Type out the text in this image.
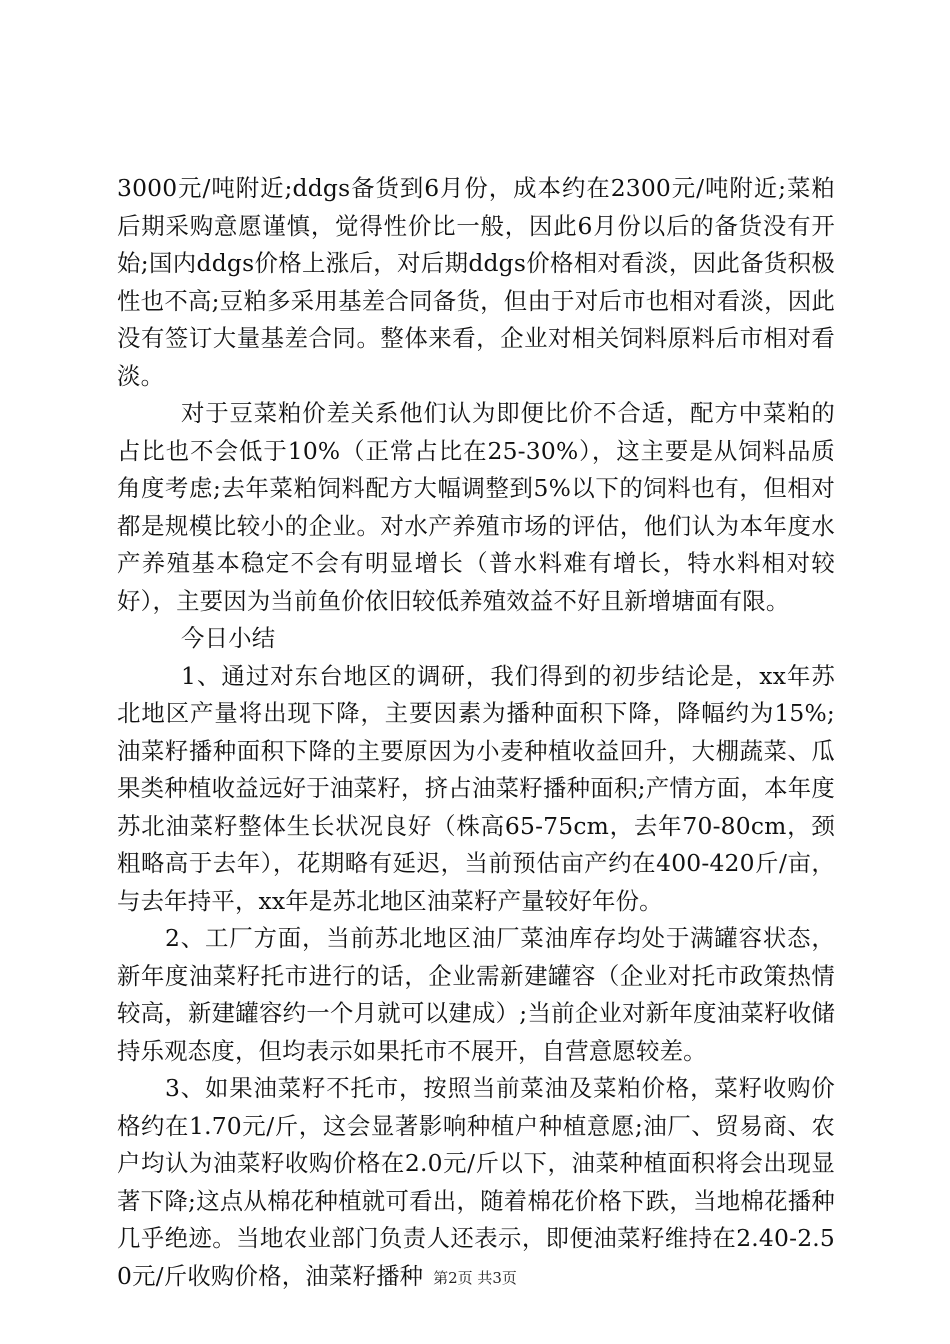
3000元/吨附近;ddgs备货到6月份，成本约在2300元/吨附近;菜粕后期采购意愿谨慎，觉得性价比一般，因此6月份以后的备货没有开始;国内ddgs价格上涨后，对后期ddgs价格相对看淡，因此备货积极性也不高;豆粕多采用基差合同备货，但由于对后市也相对看淡，因此没有签订大量基差合同。整体来看，企业对相关饲料原料后市相对看淡。

对于豆菜粕价差关系他们认为即便比价不合适，配方中菜粕的占比也不会低于10%（正常占比在25-30%），这主要是从饲料品质角度考虑;去年菜粕饲料配方大幅调整到5%以下的饲料也有，但相对都是规模比较小的企业。对水产养殖市场的评估，他们认为本年度水产养殖基本稳定不会有明显增长（普水料难有增长，特水料相对较好），主要因为当前鱼价依旧较低养殖效益不好且新增塘面有限。

今日小结

1、通过对东台地区的调研，我们得到的初步结论是，xx年苏北地区产量将出现下降，主要因素为播种面积下降，降幅约为15%;油菜籽播种面积下降的主要原因为小麦种植收益回升，大棚蔬菜、瓜果类种植收益远好于油菜籽，挤占油菜籽播种面积;产情方面，本年度苏北油菜籽整体生长状况良好（株高65-75cm，去年70-80cm，颈粗略高于去年），花期略有延迟，当前预估亩产约在400-420斤/亩，与去年持平，xx年是苏北地区油菜籽产量较好年份。

2、工厂方面，当前苏北地区油厂菜油库存均处于满罐容状态，新年度油菜籽托市进行的话，企业需新建罐容（企业对托市政策热情较高，新建罐容约一个月就可以建成）;当前企业对新年度油菜籽收储持乐观态度，但均表示如果托市不展开，自营意愿较差。

3、如果油菜籽不托市，按照当前菜油及菜粕价格，菜籽收购价格约在1.70元/斤，这会显著影响种植户种植意愿;油厂、贸易商、农户均认为油菜籽收购价格在2.0元/斤以下，油菜种植面积将会出现显著下降;这点从棉花种植就可看出，随着棉花价格下跌，当地棉花播种几乎绝迹。当地农业部门负责人还表示，即便油菜籽维持在2.40-2.50元/斤收购价格，油菜籽播种 第2页 共3页
